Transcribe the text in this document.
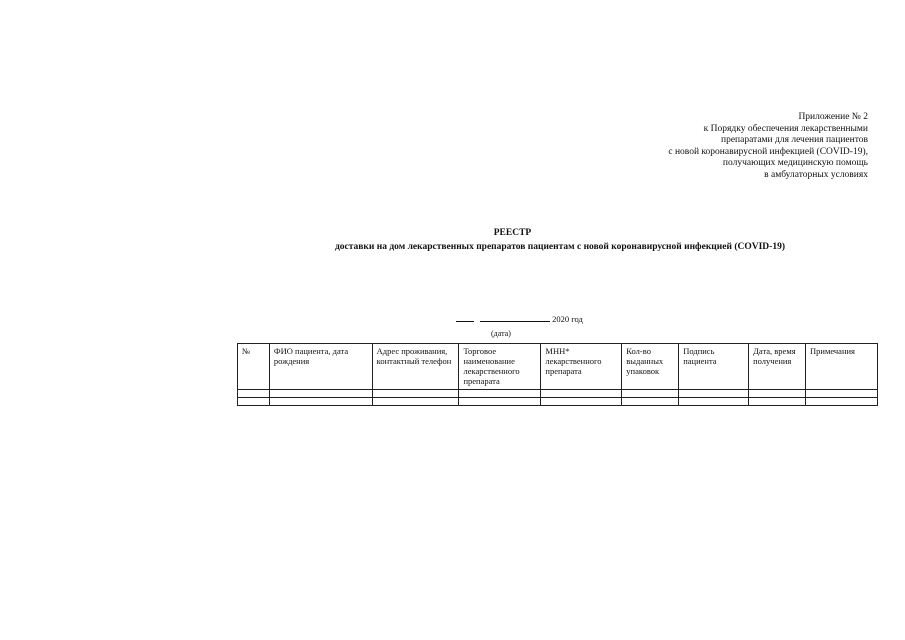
Приложение № 2
к Порядку обеспечения лекарственными
препаратами для лечения пациентов
с новой коронавирусной инфекцией (COVID-19),
получающих медицинскую помощь
в амбулаторных условиях
РЕЕСТР
доставки на дом лекарственных препаратов пациентам с новой коронавирусной инфекцией (COVID-19)
2020 год
(дата)
№	ФИО пациента, дата рождения	Адрес проживания, контактный телефон	Торговое наименование лекарственного препарата	МНН* лекарственного препарата	Кол-во выданных упаковок	Подпись пациента	Дата, время получения	Примечания
